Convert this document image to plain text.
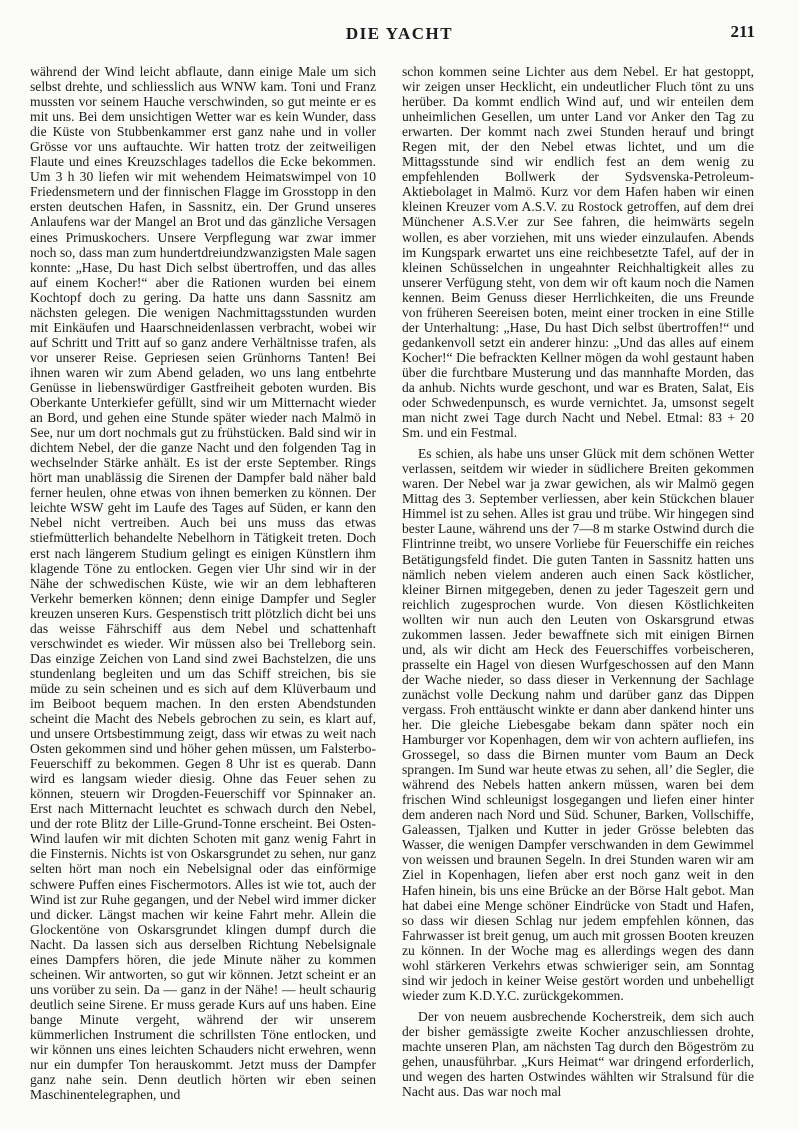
DIE YACHT	211

während der Wind leicht abflaute, dann einige Male um sich selbst drehte, und schliesslich aus WNW kam. Toni und Franz mussten vor seinem Hauche verschwinden, so gut meinte er es mit uns. Bei dem unsichtigen Wetter war es kein Wunder, dass die Küste von Stubbenkammer erst ganz nahe und in voller Grösse vor uns auftauchte. Wir hatten trotz der zeitweiligen Flaute und eines Kreuzschlages tadellos die Ecke bekommen. Um 3 h 30 liefen wir mit wehendem Heimatswimpel von 10 Friedensmetern und der finnischen Flagge im Grosstopp in den ersten deutschen Hafen, in Sassnitz, ein. Der Grund unseres Anlaufens war der Mangel an Brot und das gänzliche Versagen eines Primuskochers. Unsere Verpflegung war zwar immer noch so, dass man zum hundertdreiundzwanzigsten Male sagen konnte: „Hase, Du hast Dich selbst übertroffen, und das alles auf einem Kocher!“ aber die Rationen wurden bei einem Kochtopf doch zu gering. Da hatte uns dann Sassnitz am nächsten gelegen. Die wenigen Nachmittagsstunden wurden mit Einkäufen und Haarschneidenlassen verbracht, wobei wir auf Schritt und Tritt auf so ganz andere Verhältnisse trafen, als vor unserer Reise. Gepriesen seien Grünhorns Tanten! Bei ihnen waren wir zum Abend geladen, wo uns lang entbehrte Genüsse in liebenswürdiger Gastfreiheit geboten wurden. Bis Oberkante Unterkiefer gefüllt, sind wir um Mitternacht wieder an Bord, und gehen eine Stunde später wieder nach Malmö in See, nur um dort nochmals gut zu frühstücken. Bald sind wir in dichtem Nebel, der die ganze Nacht und den folgenden Tag in wechselnder Stärke anhält. Es ist der erste September. Rings hört man unablässig die Sirenen der Dampfer bald näher bald ferner heulen, ohne etwas von ihnen bemerken zu können. Der leichte WSW geht im Laufe des Tages auf Süden, er kann den Nebel nicht vertreiben. Auch bei uns muss das etwas stiefmütterlich behandelte Nebelhorn in Tätigkeit treten. Doch erst nach längerem Studium gelingt es einigen Künstlern ihm klagende Töne zu entlocken. Gegen vier Uhr sind wir in der Nähe der schwedischen Küste, wie wir an dem lebhafteren Verkehr bemerken können; denn einige Dampfer und Segler kreuzen unseren Kurs. Gespenstisch tritt plötzlich dicht bei uns das weisse Fährschiff aus dem Nebel und schattenhaft verschwindet es wieder. Wir müssen also bei Trelleborg sein. Das einzige Zeichen von Land sind zwei Bachstelzen, die uns stundenlang begleiten und um das Schiff streichen, bis sie müde zu sein scheinen und es sich auf dem Klüverbaum und im Beiboot bequem machen. In den ersten Abendstunden scheint die Macht des Nebels gebrochen zu sein, es klart auf, und unsere Ortsbestimmung zeigt, dass wir etwas zu weit nach Osten gekommen sind und höher gehen müssen, um Falsterbo-Feuerschiff zu bekommen. Gegen 8 Uhr ist es querab. Dann wird es langsam wieder diesig. Ohne das Feuer sehen zu können, steuern wir Drogden-Feuerschiff vor Spinnaker an. Erst nach Mitternacht leuchtet es schwach durch den Nebel, und der rote Blitz der Lille-Grund-Tonne erscheint. Bei Osten-Wind laufen wir mit dichten Schoten mit ganz wenig Fahrt in die Finsternis. Nichts ist von Oskarsgrundet zu sehen, nur ganz selten hört man noch ein Nebelsignal oder das einförmige schwere Puffen eines Fischermotors. Alles ist wie tot, auch der Wind ist zur Ruhe gegangen, und der Nebel wird immer dicker und dicker. Längst machen wir keine Fahrt mehr. Allein die Glockentöne von Oskarsgrundet klingen dumpf durch die Nacht. Da lassen sich aus derselben Richtung Nebelsignale eines Dampfers hören, die jede Minute näher zu kommen scheinen. Wir antworten, so gut wir können. Jetzt scheint er an uns vorüber zu sein. Da — ganz in der Nähe! — heult schaurig deutlich seine Sirene. Er muss gerade Kurs auf uns haben. Eine bange Minute vergeht, während der wir unserem kümmerlichen Instrument die schrillsten Töne entlocken, und wir können uns eines leichten Schauders nicht erwehren, wenn nur ein dumpfer Ton herauskommt. Jetzt muss der Dampfer ganz nahe sein. Denn deutlich hörten wir eben seinen Maschinentelegraphen, und

schon kommen seine Lichter aus dem Nebel. Er hat gestoppt, wir zeigen unser Hecklicht, ein undeutlicher Fluch tönt zu uns herüber. Da kommt endlich Wind auf, und wir enteilen dem unheimlichen Gesellen, um unter Land vor Anker den Tag zu erwarten. Der kommt nach zwei Stunden herauf und bringt Regen mit, der den Nebel etwas lichtet, und um die Mittagsstunde sind wir endlich fest an dem wenig zu empfehlenden Bollwerk der Sydsvenska-Petroleum-Aktiebolaget in Malmö. Kurz vor dem Hafen haben wir einen kleinen Kreuzer vom A.S.V. zu Rostock getroffen, auf dem drei Münchener A.S.V.er zur See fahren, die heimwärts segeln wollen, es aber vorziehen, mit uns wieder einzulaufen. Abends im Kungspark erwartet uns eine reichbesetzte Tafel, auf der in kleinen Schüsselchen in ungeahnter Reichhaltigkeit alles zu unserer Verfügung steht, von dem wir oft kaum noch die Namen kennen. Beim Genuss dieser Herrlichkeiten, die uns Freunde von früheren Seereisen boten, meint einer trocken in eine Stille der Unterhaltung: „Hase, Du hast Dich selbst übertroffen!“ und gedankenvoll setzt ein anderer hinzu: „Und das alles auf einem Kocher!“ Die befrackten Kellner mögen da wohl gestaunt haben über die furchtbare Musterung und das mannhafte Morden, das da anhub. Nichts wurde geschont, und war es Braten, Salat, Eis oder Schwedenpunsch, es wurde vernichtet. Ja, umsonst segelt man nicht zwei Tage durch Nacht und Nebel. Etmal: 83 + 20 Sm. und ein Festmal.

Es schien, als habe uns unser Glück mit dem schönen Wetter verlassen, seitdem wir wieder in südlichere Breiten gekommen waren. Der Nebel war ja zwar gewichen, als wir Malmö gegen Mittag des 3. September verliessen, aber kein Stückchen blauer Himmel ist zu sehen. Alles ist grau und trübe. Wir hingegen sind bester Laune, während uns der 7—8 m starke Ostwind durch die Flintrinne treibt, wo unsere Vorliebe für Feuerschiffe ein reiches Betätigungsfeld findet. Die guten Tanten in Sassnitz hatten uns nämlich neben vielem anderen auch einen Sack köstlicher, kleiner Birnen mitgegeben, denen zu jeder Tageszeit gern und reichlich zugesprochen wurde. Von diesen Köstlichkeiten wollten wir nun auch den Leuten von Oskarsgrund etwas zukommen lassen. Jeder bewaffnete sich mit einigen Birnen und, als wir dicht am Heck des Feuerschiffes vorbeischeren, prasselte ein Hagel von diesen Wurfgeschossen auf den Mann der Wache nieder, so dass dieser in Verkennung der Sachlage zunächst volle Deckung nahm und darüber ganz das Dippen vergass. Froh enttäuscht winkte er dann aber dankend hinter uns her. Die gleiche Liebesgabe bekam dann später noch ein Hamburger vor Kopenhagen, dem wir von achtern aufliefen, ins Grossegel, so dass die Birnen munter vom Baum an Deck sprangen. Im Sund war heute etwas zu sehen, all’ die Segler, die während des Nebels hatten ankern müssen, waren bei dem frischen Wind schleunigst losgegangen und liefen einer hinter dem anderen nach Nord und Süd. Schuner, Barken, Vollschiffe, Galeassen, Tjalken und Kutter in jeder Grösse belebten das Wasser, die wenigen Dampfer verschwanden in dem Gewimmel von weissen und braunen Segeln. In drei Stunden waren wir am Ziel in Kopenhagen, liefen aber erst noch ganz weit in den Hafen hinein, bis uns eine Brücke an der Börse Halt gebot. Man hat dabei eine Menge schöner Eindrücke von Stadt und Hafen, so dass wir diesen Schlag nur jedem empfehlen können, das Fahrwasser ist breit genug, um auch mit grossen Booten kreuzen zu können. In der Woche mag es allerdings wegen des dann wohl stärkeren Verkehrs etwas schwieriger sein, am Sonntag sind wir jedoch in keiner Weise gestört worden und unbehelligt wieder zum K.D.Y.C. zurückgekommen.

Der von neuem ausbrechende Kocherstreik, dem sich auch der bisher gemässigte zweite Kocher anzuschliessen drohte, machte unseren Plan, am nächsten Tag durch den Bögeström zu gehen, unausführbar. „Kurs Heimat“ war dringend erforderlich, und wegen des harten Ostwindes wählten wir Stralsund für die Nacht aus. Das war noch mal
